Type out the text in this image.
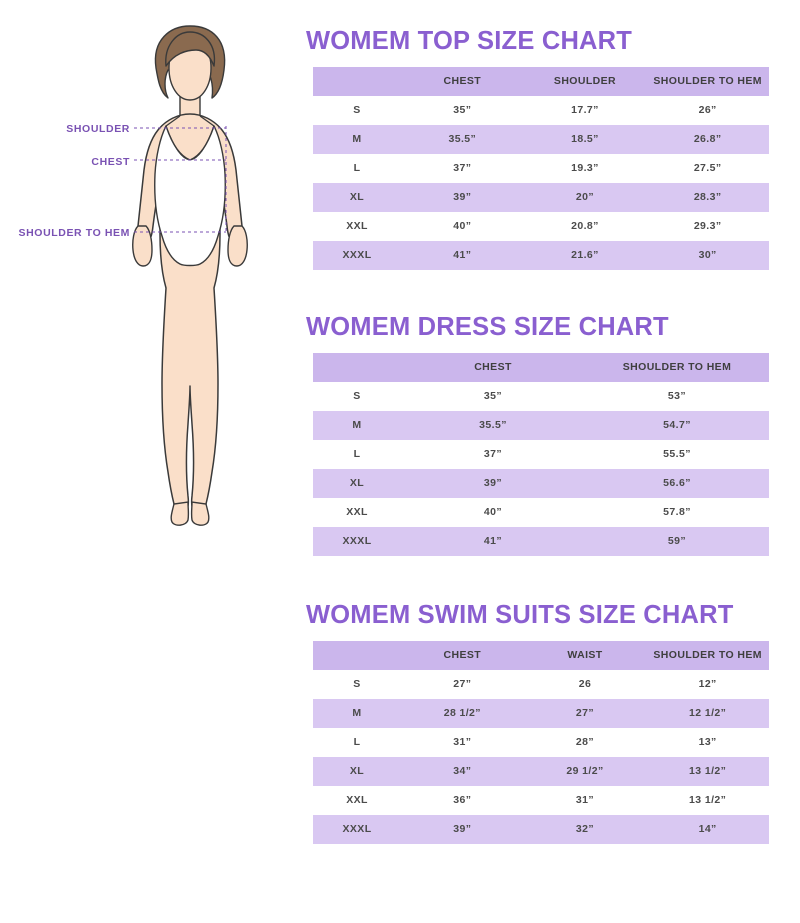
SHOULDER
CHEST
SHOULDER TO HEM
WOMEM TOP SIZE CHART
	CHEST	SHOULDER	SHOULDER TO HEM
S	35”	17.7”	26”
M	35.5”	18.5”	26.8”
L	37”	19.3”	27.5”
XL	39”	20”	28.3”
XXL	40”	20.8”	29.3”
XXXL	41”	21.6”	30”
WOMEM DRESS SIZE CHART
	CHEST	SHOULDER TO HEM
S	35”	53”
M	35.5”	54.7”
L	37”	55.5”
XL	39”	56.6”
XXL	40”	57.8”
XXXL	41”	59”
WOMEM SWIM SUITS SIZE CHART
	CHEST	WAIST	SHOULDER TO HEM
S	27”	26	12”
M	28 1/2”	27”	12 1/2”
L	31”	28”	13”
XL	34”	29 1/2”	13 1/2”
XXL	36”	31”	13 1/2”
XXXL	39”	32”	14”
